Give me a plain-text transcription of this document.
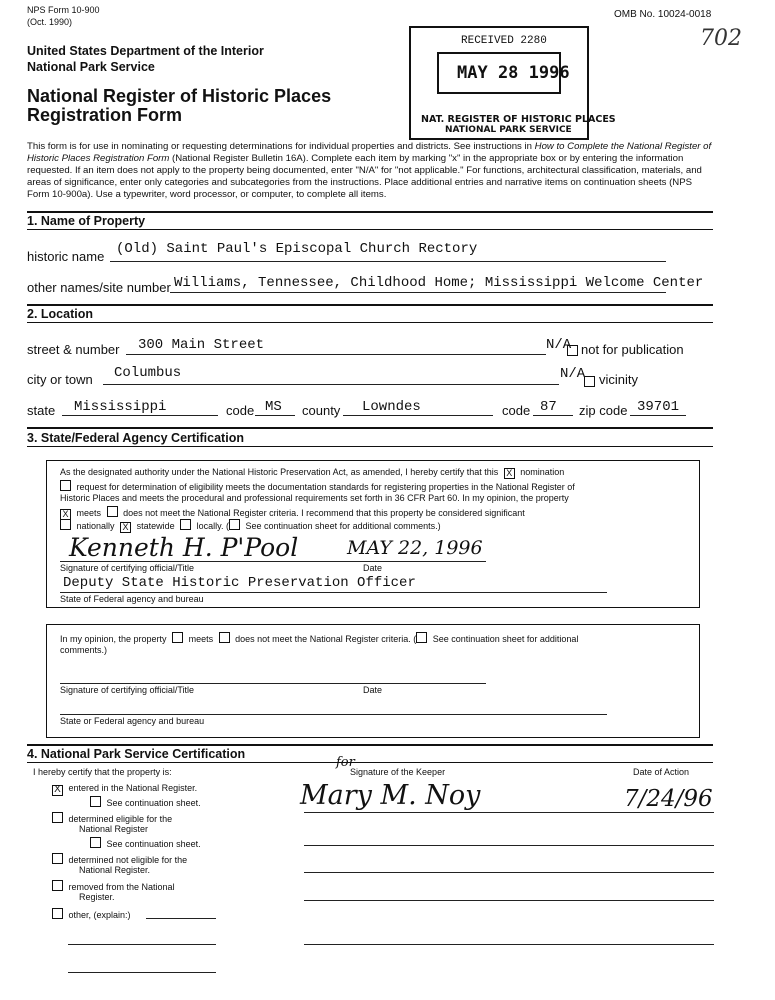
NPS Form 10-900
(Oct. 1990)
OMB No. 10024-0018
702
United States Department of the Interior
National Park Service
National Register of Historic Places
Registration Form
RECEIVED 2280
MAY 28 1996
NAT. REGISTER OF HISTORIC PLACES
NATIONAL PARK SERVICE
This form is for use in nominating or requesting determinations for individual properties and districts. See instructions in How to Complete the National Register of Historic Places Registration Form (National Register Bulletin 16A). Complete each item by marking "x" in the appropriate box or by entering the information requested. If an item does not apply to the property being documented, enter "N/A" for "not applicable." For functions, architectural classification, materials, and areas of significance, enter only categories and subcategories from the instructions. Place additional entries and narrative items on continuation sheets (NPS Form 10-900a). Use a typewriter, word processor, or computer, to complete all items.
1. Name of Property
historic name (Old) Saint Paul's Episcopal Church Rectory
other names/site number Williams, Tennessee, Childhood Home; Mississippi Welcome Center
2. Location
street & number 300 Main Street	N/A not for publication
city or town Columbus	N/A vicinity
state Mississippi	code MS county Lowndes	code 87 zip code 39701
3. State/Federal Agency Certification
As the designated authority under the National Historic Preservation Act, as amended, I hereby certify that this X nomination
request for determination of eligibility meets the documentation standards for registering properties in the National Register of
Historic Places and meets the procedural and professional requirements set forth in 36 CFR Part 60. In my opinion, the property
X meets does not meet the National Register criteria. I recommend that this property be considered significant
nationally X statewide locally. ( See continuation sheet for additional comments.)
Kenneth H. P'Pool	MAY 22, 1996
Signature of certifying official/Title	Date
Deputy State Historic Preservation Officer
State of Federal agency and bureau
In my opinion, the property meets does not meet the National Register criteria. ( See continuation sheet for additional
comments.)
Signature of certifying official/Title	Date
State or Federal agency and bureau
4. National Park Service Certification
I hereby certify that the property is:
for
Signature of the Keeper	Date of Action
X entered in the National Register.
See continuation sheet.
determined eligible for the
National Register
See continuation sheet.
determined not eligible for the
National Register.
removed from the National
Register.
other, (explain:)
Mary M. Noy	7/24/96
